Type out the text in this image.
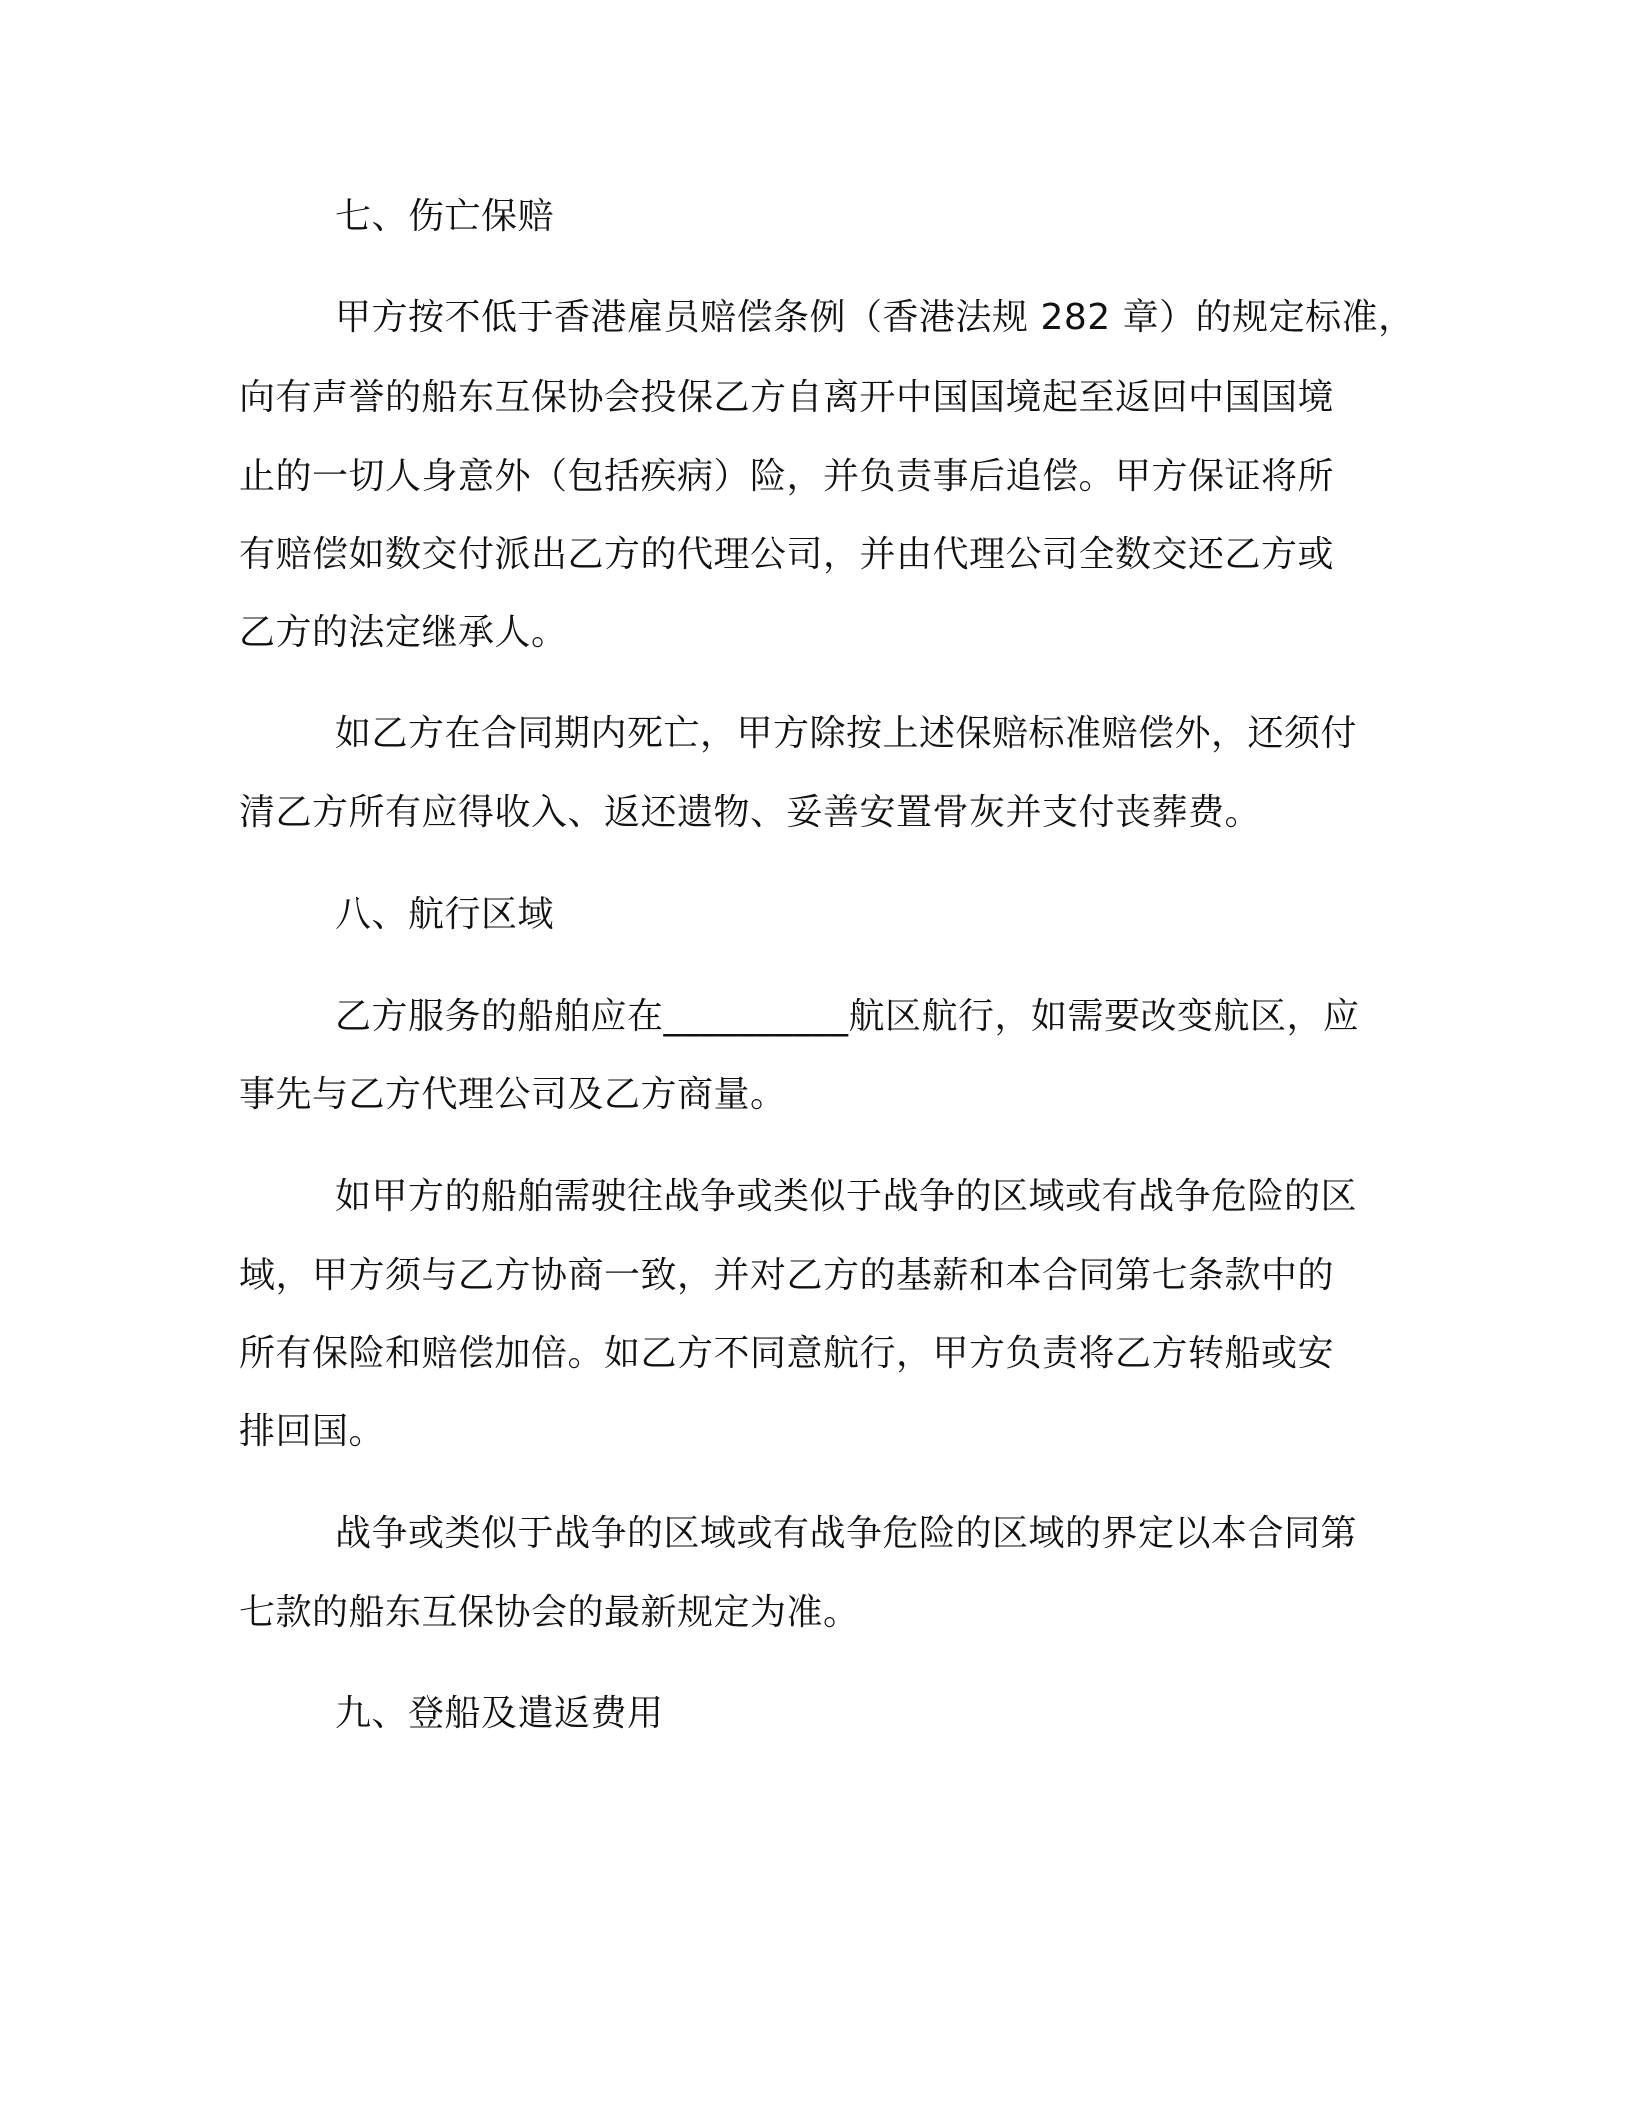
七、伤亡保赔
甲方按不低于香港雇员赔偿条例（香港法规 282 章）的规定标准，
向有声誉的船东互保协会投保乙方自离开中国国境起至返回中国国境
止的一切人身意外（包括疾病）险，并负责事后追偿。甲方保证将所
有赔偿如数交付派出乙方的代理公司，并由代理公司全数交还乙方或
乙方的法定继承人。
如乙方在合同期内死亡，甲方除按上述保赔标准赔偿外，还须付
清乙方所有应得收入、返还遗物、妥善安置骨灰并支付丧葬费。
八、航行区域
乙方服务的船舶应在__________航区航行，如需要改变航区，应
事先与乙方代理公司及乙方商量。
如甲方的船舶需驶往战争或类似于战争的区域或有战争危险的区
域，甲方须与乙方协商一致，并对乙方的基薪和本合同第七条款中的
所有保险和赔偿加倍。如乙方不同意航行，甲方负责将乙方转船或安
排回国。
战争或类似于战争的区域或有战争危险的区域的界定以本合同第
七款的船东互保协会的最新规定为准。
九、登船及遣返费用
